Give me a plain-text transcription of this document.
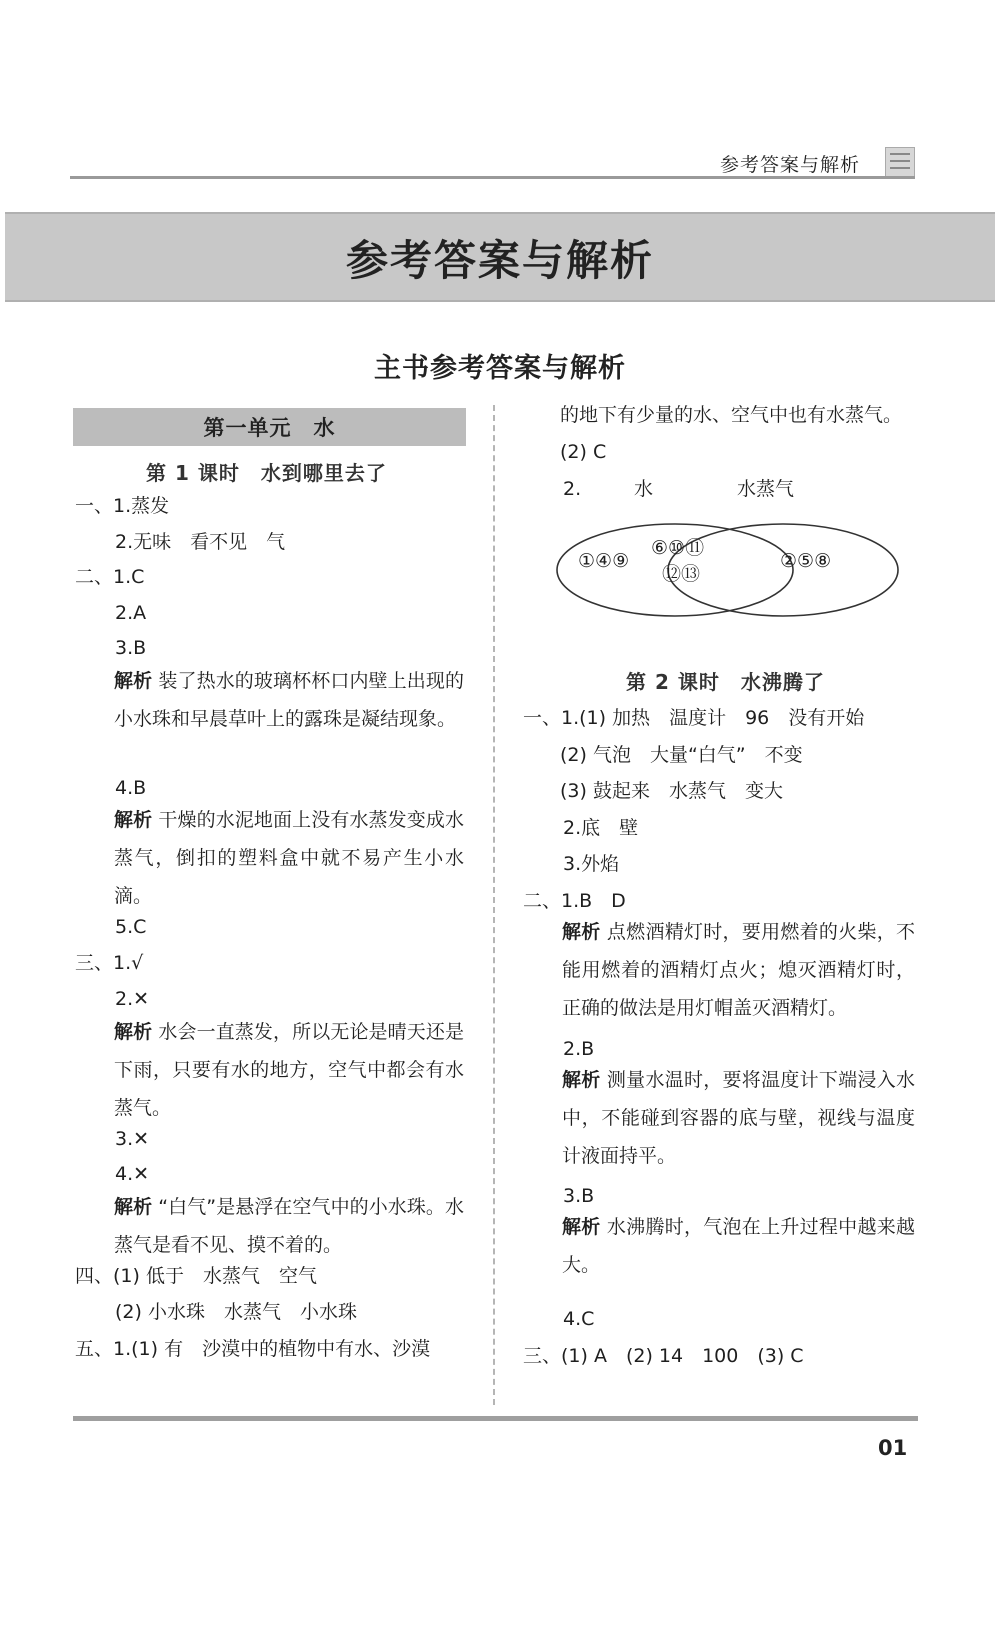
参考答案与解析
参考答案与解析
主书参考答案与解析
第一单元　水
第 1 课时　水到哪里去了
一、1.蒸发
2.无味　看不见　气
二、1.C
2.A
3.B
解析 装了热水的玻璃杯杯口内壁上出现的小水珠和早晨草叶上的露珠是凝结现象。
4.B
解析 干燥的水泥地面上没有水蒸发变成水蒸气，倒扣的塑料盒中就不易产生小水滴。
5.C
三、1.√
2.✕
解析 水会一直蒸发，所以无论是晴天还是下雨，只要有水的地方，空气中都会有水蒸气。
3.✕
4.✕
解析 “白气”是悬浮在空气中的小水珠。水蒸气是看不见、摸不着的。
四、(1) 低于　水蒸气　空气
(2) 小水珠　水蒸气　小水珠
五、1.(1) 有　沙漠中的植物中有水、沙漠
的地下有少量的水、空气中也有水蒸气。
(2) C
2.	水	水蒸气
①④⑨
⑥⑩⑪
⑫⑬
②⑤⑧
第 2 课时　水沸腾了
一、1.(1) 加热　温度计　96　没有开始
(2) 气泡　大量“白气”　不变
(3) 鼓起来　水蒸气　变大
2.底　壁
3.外焰
二、1.B　D
解析 点燃酒精灯时，要用燃着的火柴，不能用燃着的酒精灯点火；熄灭酒精灯时，正确的做法是用灯帽盖灭酒精灯。
2.B
解析 测量水温时，要将温度计下端浸入水中，不能碰到容器的底与壁，视线与温度计液面持平。
3.B
解析 水沸腾时，气泡在上升过程中越来越大。
4.C
三、(1) A　(2) 14　100　(3) C
01
